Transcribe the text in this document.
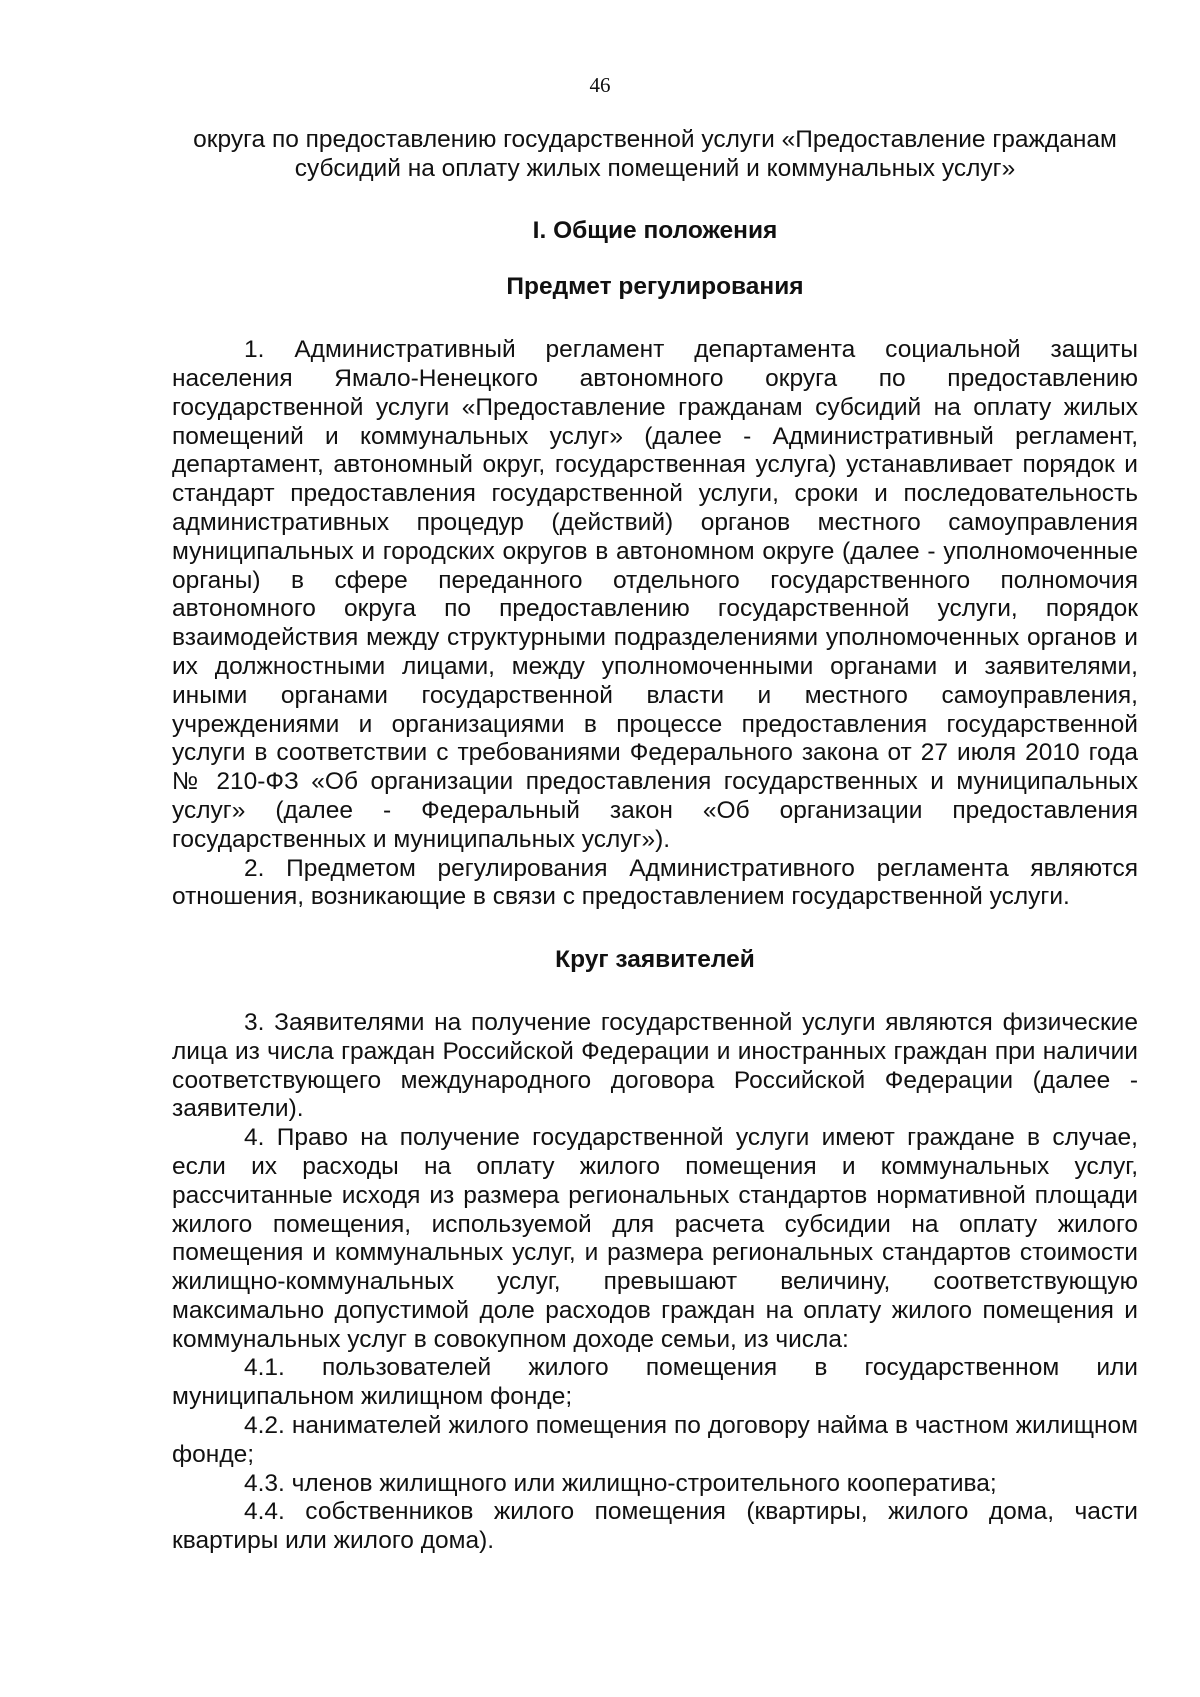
46
округа по предоставлению государственной услуги «Предоставление гражданам субсидий на оплату жилых помещений и коммунальных услуг»
I. Общие положения
Предмет регулирования

1. Административный регламент департамента социальной защиты населения Ямало-Ненецкого автономного округа по предоставлению государственной услуги «Предоставление гражданам субсидий на оплату жилых помещений и коммунальных услуг» (далее - Административный регламент, департамент, автономный округ, государственная услуга) устанавливает порядок и стандарт предоставления государственной услуги, сроки и последовательность административных процедур (действий) органов местного самоуправления муниципальных и городских округов в автономном округе (далее - уполномоченные органы) в сфере переданного отдельного государственного полномочия автономного округа по предоставлению государственной услуги, порядок взаимодействия между структурными подразделениями уполномоченных органов и их должностными лицами, между уполномоченными органами и заявителями, иными органами государственной власти и местного самоуправления, учреждениями и организациями в процессе предоставления государственной услуги в соответствии с требованиями Федерального закона от 27 июля 2010 года № 210-ФЗ «Об организации предоставления государственных и муниципальных услуг» (далее - Федеральный закон «Об организации предоставления государственных и муниципальных услуг»).

2. Предметом регулирования Административного регламента являются отношения, возникающие в связи с предоставлением государственной услуги.

Круг заявителей

3. Заявителями на получение государственной услуги являются физические лица из числа граждан Российской Федерации и иностранных граждан при наличии соответствующего международного договора Российской Федерации (далее - заявители).

4. Право на получение государственной услуги имеют граждане в случае, если их расходы на оплату жилого помещения и коммунальных услуг, рассчитанные исходя из размера региональных стандартов нормативной площади жилого помещения, используемой для расчета субсидии на оплату жилого помещения и коммунальных услуг, и размера региональных стандартов стоимости жилищно-коммунальных услуг, превышают величину, соответствующую максимально допустимой доле расходов граждан на оплату жилого помещения и коммунальных услуг в совокупном доходе семьи, из числа:

4.1. пользователей жилого помещения в государственном или муниципальном жилищном фонде;

4.2. нанимателей жилого помещения по договору найма в частном жилищном фонде;

4.3. членов жилищного или жилищно-строительного кооператива;

4.4. собственников жилого помещения (квартиры, жилого дома, части квартиры или жилого дома).
